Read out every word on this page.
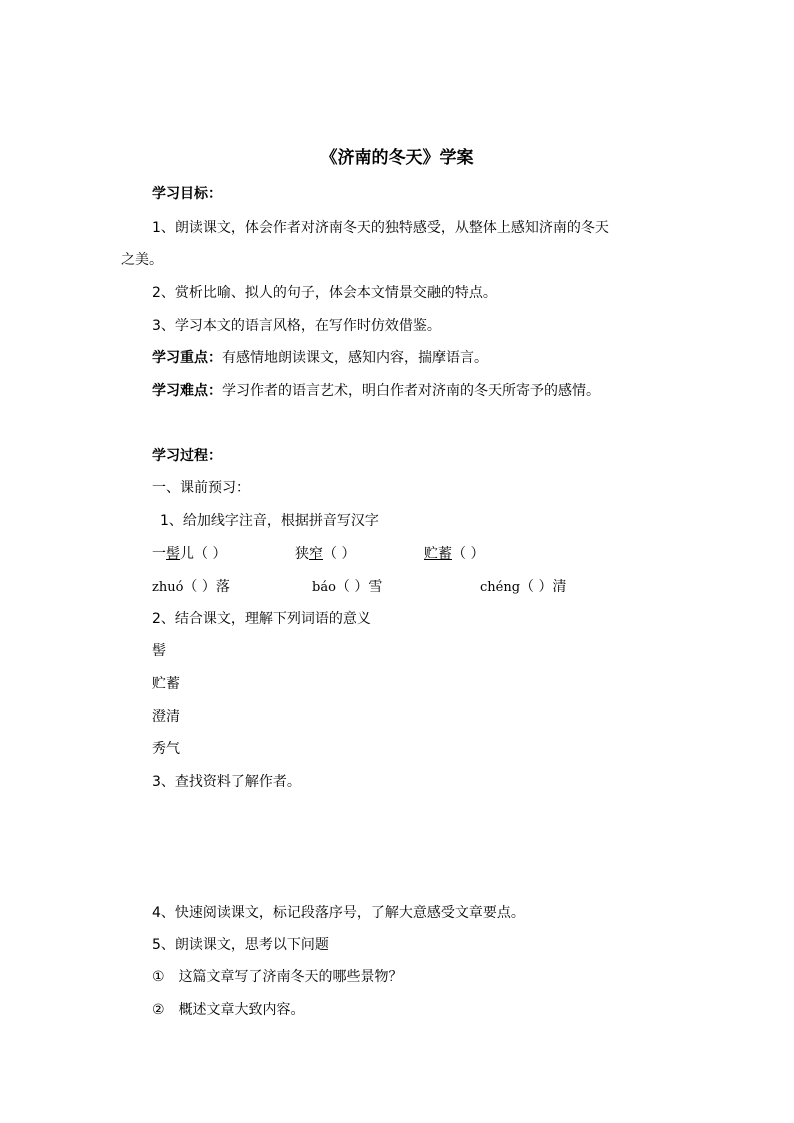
《济南的冬天》学案
学习目标：
1、朗读课文，体会作者对济南冬天的独特感受，从整体上感知济南的冬天
之美。
2、赏析比喻、拟人的句子，体会本文情景交融的特点。
3、学习本文的语言风格，在写作时仿效借鉴。
学习重点：有感情地朗读课文，感知内容，揣摩语言。
学习难点：学习作者的语言艺术，明白作者对济南的冬天所寄予的感情。
学习过程：
一、课前预习：
1、给加线字注音，根据拼音写汉字
一髻儿（ ）	狭窄（ ）	贮蓄（ ）
zhuó（ ）落	báo（ ）雪	chéng（ ）清
2、结合课文，理解下列词语的意义
髻
贮蓄
澄清
秀气
3、查找资料了解作者。
4、快速阅读课文，标记段落序号，了解大意感受文章要点。
5、朗读课文，思考以下问题
① 这篇文章写了济南冬天的哪些景物？
② 概述文章大致内容。
